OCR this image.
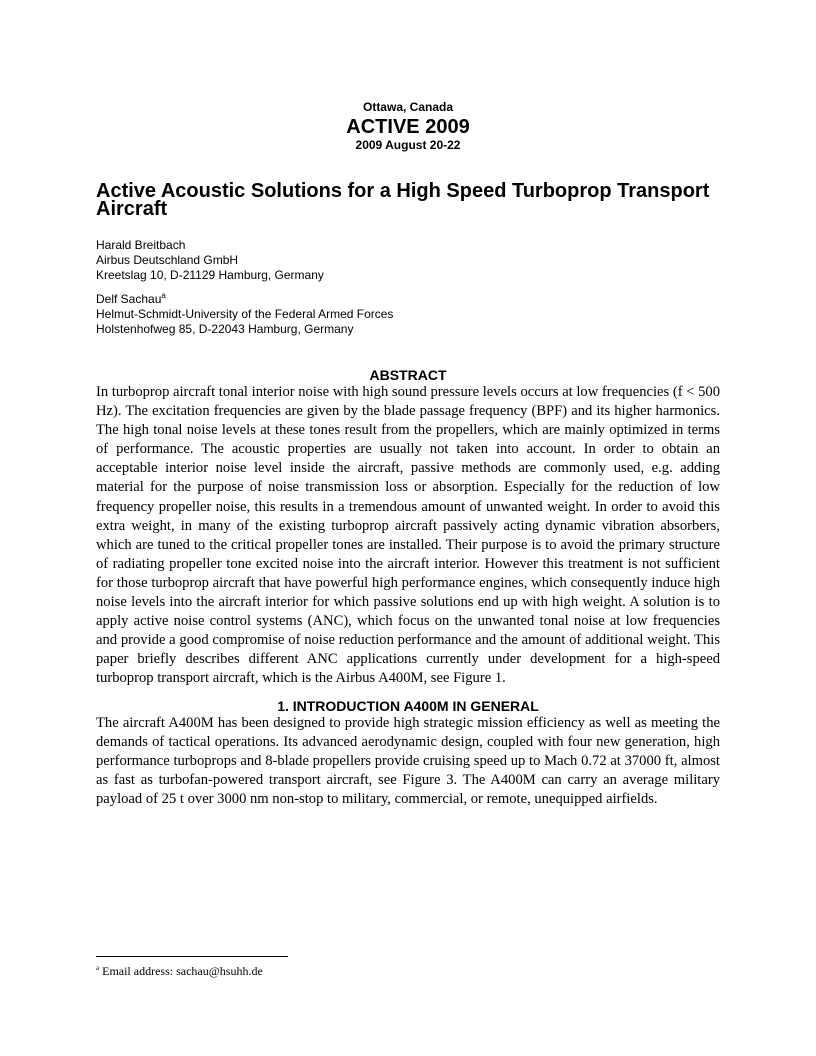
Ottawa, Canada
ACTIVE 2009
2009 August 20-22
Active Acoustic Solutions for a High Speed Turboprop Transport Aircraft
Harald Breitbach
Airbus Deutschland GmbH
Kreetslag 10, D-21129 Hamburg, Germany
Delf Sachau$^a$
Helmut-Schmidt-University of the Federal Armed Forces
Holstenhofweg 85, D-22043 Hamburg, Germany
ABSTRACT

In turboprop aircraft tonal interior noise with high sound pressure levels occurs at low frequencies (f < 500 Hz). The excitation frequencies are given by the blade passage frequency (BPF) and its higher harmonics. The high tonal noise levels at these tones result from the propellers, which are mainly optimized in terms of performance. The acoustic properties are usually not taken into account. In order to obtain an acceptable interior noise level inside the aircraft, passive methods are commonly used, e.g. adding material for the purpose of noise transmission loss or absorption. Especially for the reduction of low frequency propeller noise, this results in a tremendous amount of unwanted weight. In order to avoid this extra weight, in many of the existing turboprop aircraft passively acting dynamic vibration absorbers, which are tuned to the critical propeller tones are installed. Their purpose is to avoid the primary structure of radiating propeller tone excited noise into the aircraft interior. However this treatment is not sufficient for those turboprop aircraft that have powerful high performance engines, which consequently induce high noise levels into the aircraft interior for which passive solutions end up with high weight. A solution is to apply active noise control systems (ANC), which focus on the unwanted tonal noise at low frequencies and provide a good compromise of noise reduction performance and the amount of additional weight. This paper briefly describes different ANC applications currently under development for a high-speed turboprop transport aircraft, which is the Airbus A400M, see Figure 1.

1. INTRODUCTION A400M IN GENERAL

The aircraft A400M has been designed to provide high strategic mission efficiency as well as meeting the demands of tactical operations. Its advanced aerodynamic design, coupled with four new generation, high performance turboprops and 8-blade propellers provide cruising speed up to Mach 0.72 at 37000 ft, almost as fast as turbofan-powered transport aircraft, see Figure 3. The A400M can carry an average military payload of 25 t over 3000 nm non-stop to military, commercial, or remote, unequipped airfields.

$^a$ Email address: sachau@hsuhh.de
